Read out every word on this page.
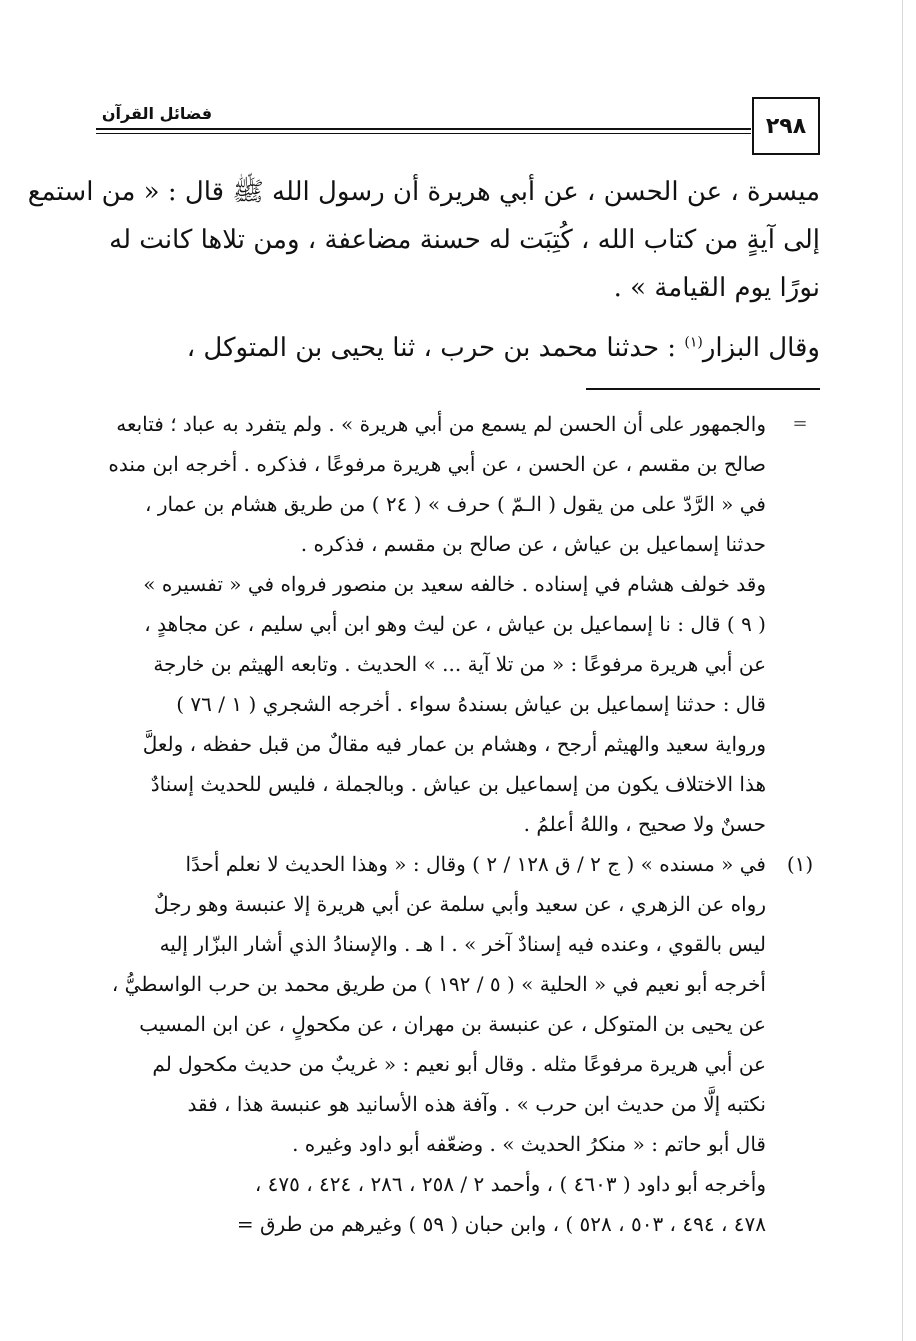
٢٩٨
فضائل القرآن
ميسرة ، عن الحسن ، عن أبي هريرة أن رسول الله ﷺ قال : « من استمع
إلى آيةٍ من كتاب الله ، كُتِبَت له حسنة مضاعفة ، ومن تلاها كانت له
نورًا يوم القيامة » .
وقال البزار$^{(١)}$ : حدثنا محمد بن حرب ، ثنا يحيى بن المتوكل ،
=
والجمهور على أن الحسن لم يسمع من أبي هريرة » . ولم يتفرد به عباد ؛ فتابعه
صالح بن مقسم ، عن الحسن ، عن أبي هريرة مرفوعًا ، فذكره . أخرجه ابن منده
في « الرَّدّ على من يقول ( الـمّ ) حرف » ( ٢٤ ) من طريق هشام بن عمار ،
حدثنا إسماعيل بن عياش ، عن صالح بن مقسم ، فذكره .
وقد خولف هشام في إسناده . خالفه سعيد بن منصور فرواه في « تفسيره »
( ٩ ) قال : نا إسماعيل بن عياش ، عن ليث وهو ابن أبي سليم ، عن مجاهدٍ ،
عن أبي هريرة مرفوعًا : « من تلا آية ... » الحديث . وتابعه الهيثم بن خارجة
قال : حدثنا إسماعيل بن عياش بسندهُ سواء . أخرجه الشجري ( ١ / ٧٦ )
ورواية سعيد والهيثم أرجح ، وهشام بن عمار فيه مقالٌ من قبل حفظه ، ولعلَّ
هذا الاختلاف يكون من إسماعيل بن عياش . وبالجملة ، فليس للحديث إسنادٌ
حسنٌ ولا صحيح ، واللهُ أعلمُ .
(١)
في « مسنده » ( ج ٢ / ق ١٢٨ / ٢ ) وقال : « وهذا الحديث لا نعلم أحدًا
رواه عن الزهري ، عن سعيد وأبي سلمة عن أبي هريرة إلا عنبسة وهو رجلٌ
ليس بالقوي ، وعنده فيه إسنادٌ آخر » . ا هـ . والإسنادُ الذي أشار البزّار إليه
أخرجه أبو نعيم في « الحلية » ( ٥ / ١٩٢ ) من طريق محمد بن حرب الواسطيُّ ،
عن يحيى بن المتوكل ، عن عنبسة بن مهران ، عن مكحولٍ ، عن ابن المسيب
عن أبي هريرة مرفوعًا مثله . وقال أبو نعيم : « غريبٌ من حديث مكحول لم
نكتبه إلَّا من حديث ابن حرب » . وآفة هذه الأسانيد هو عنبسة هذا ، فقد
قال أبو حاتم : « منكرُ الحديث » . وضعّفه أبو داود وغيره .
وأخرجه أبو داود ( ٤٦٠٣ ) ، وأحمد ٢ / ٢٥٨ ، ٢٨٦ ، ٤٢٤ ، ٤٧٥ ،
٤٧٨ ، ٤٩٤ ، ٥٠٣ ، ٥٢٨ ) ، وابن حبان ( ٥٩ ) وغيرهم من طرق =
